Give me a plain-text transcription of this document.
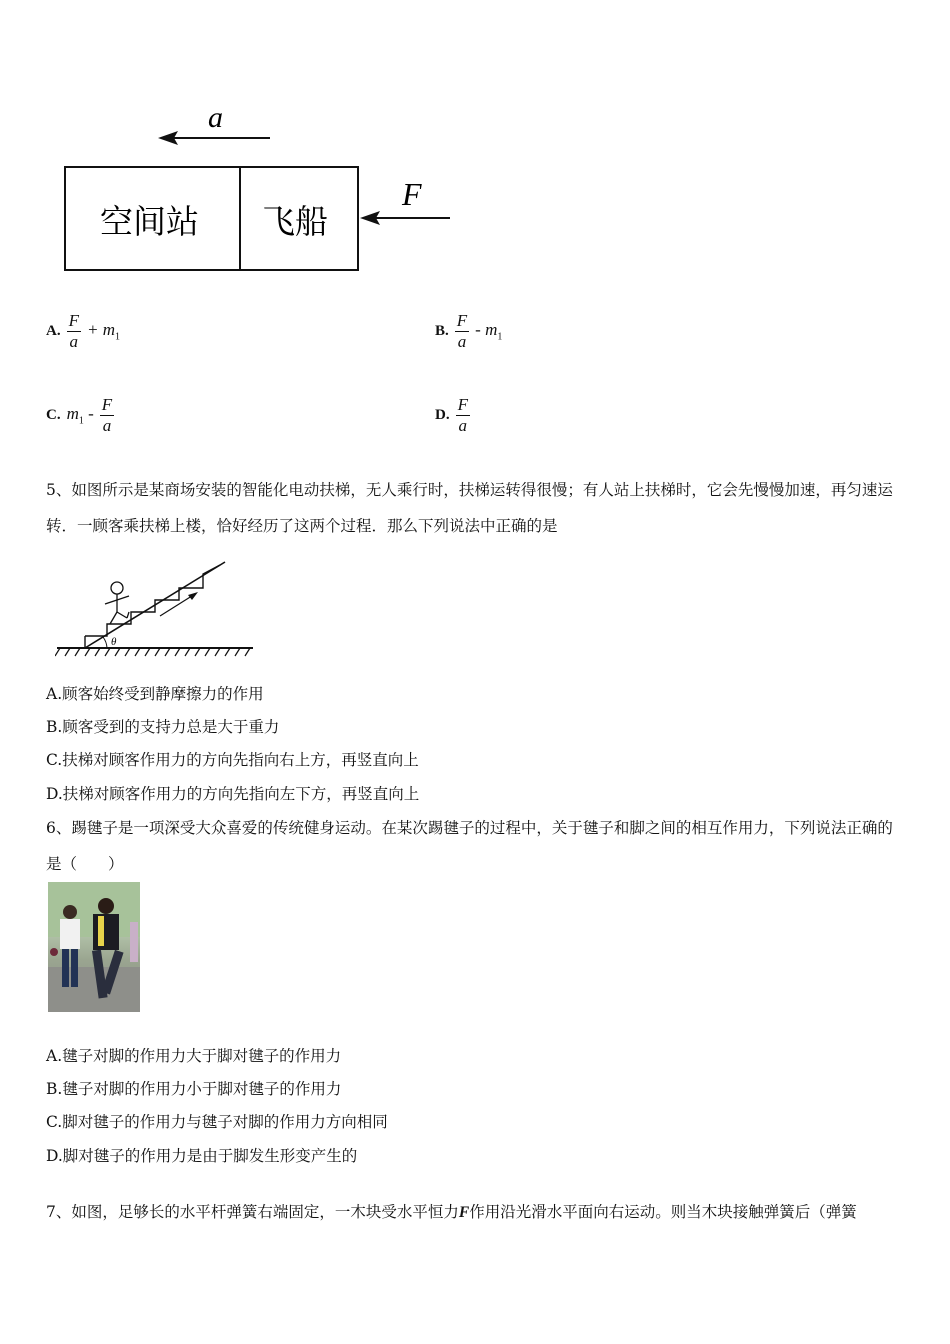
a
空间站 飞船
F
A. $\frac{F}{a} + m_1$	B. $\frac{F}{a} - m_1$
C. $m_1 - \frac{F}{a}$	D. $\frac{F}{a}$
5、如图所示是某商场安装的智能化电动扶梯，无人乘行时，扶梯运转得很慢；有人站上扶梯时，它会先慢慢加速，再匀速运转．一顾客乘扶梯上楼，恰好经历了这两个过程．那么下列说法中正确的是
θ
A.顾客始终受到静摩擦力的作用
B.顾客受到的支持力总是大于重力
C.扶梯对顾客作用力的方向先指向右上方，再竖直向上
D.扶梯对顾客作用力的方向先指向左下方，再竖直向上
6、踢毽子是一项深受大众喜爱的传统健身运动。在某次踢毽子的过程中，关于毽子和脚之间的相互作用力，下列说法正确的是（　　）
A.毽子对脚的作用力大于脚对毽子的作用力
B.毽子对脚的作用力小于脚对毽子的作用力
C.脚对毽子的作用力与毽子对脚的作用力方向相同
D.脚对毽子的作用力是由于脚发生形变产生的
7、如图，足够长的水平杆弹簧右端固定，一木块受水平恒力F作用沿光滑水平面向右运动。则当木块接触弹簧后（弹簧
